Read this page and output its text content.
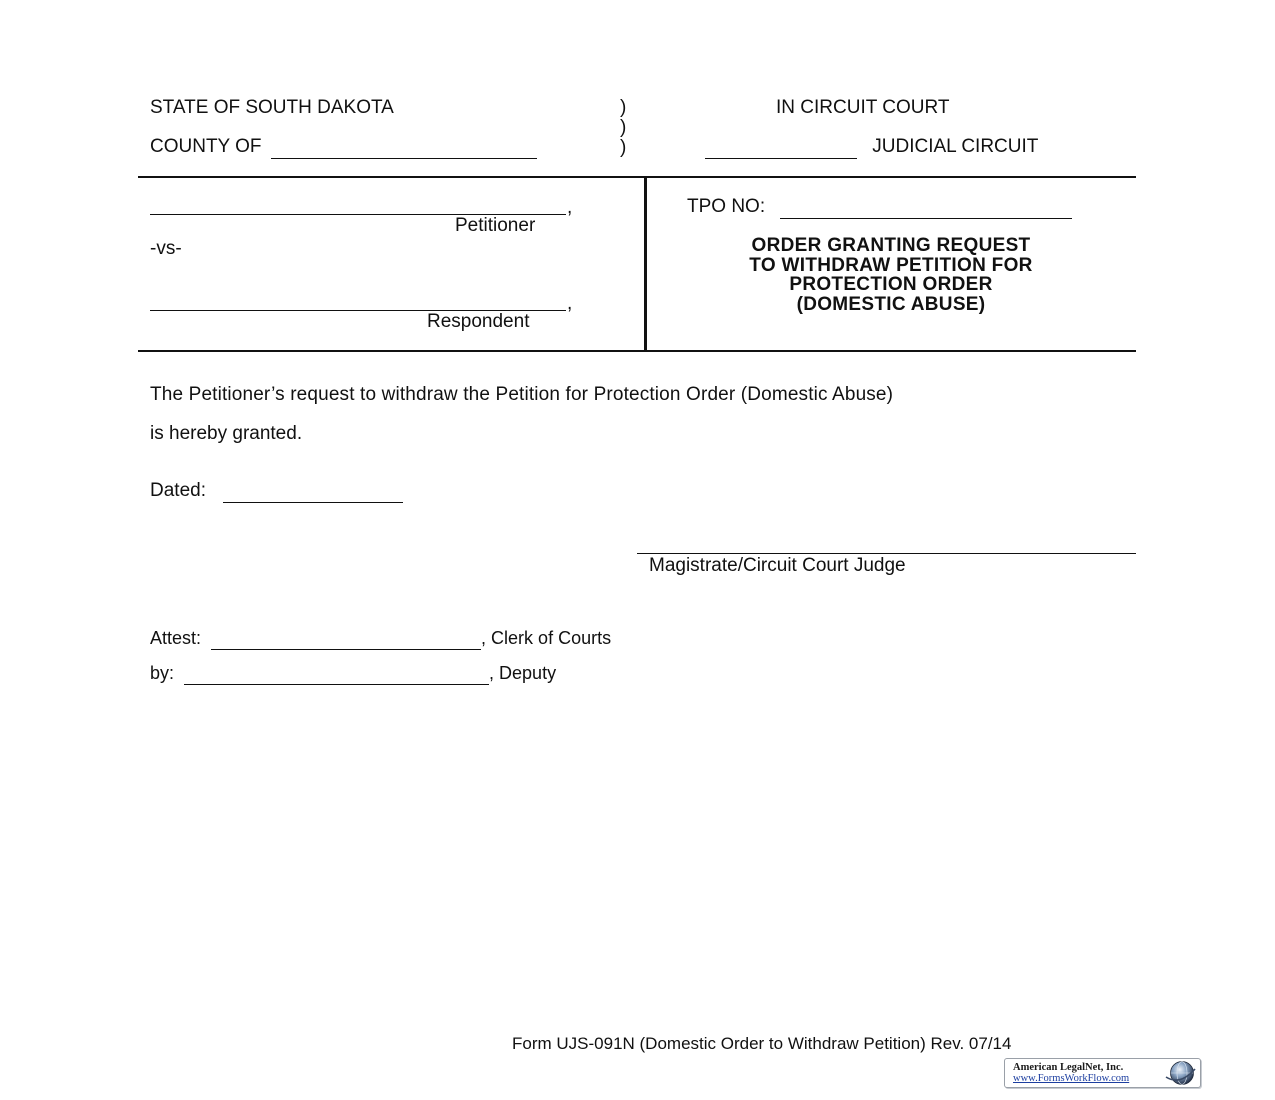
STATE OF SOUTH DAKOTA
COUNTY OF
)
)
)
IN CIRCUIT COURT
JUDICIAL CIRCUIT
,
Petitioner
-vs-
,
Respondent
TPO NO:
ORDER GRANTING REQUEST
TO WITHDRAW PETITION FOR
PROTECTION ORDER
(DOMESTIC ABUSE)
The Petitioner’s request to withdraw the Petition for Protection Order (Domestic Abuse)
is hereby granted.
Dated:
Magistrate/Circuit Court Judge
Attest:	, Clerk of Courts
by:	, Deputy
Form UJS-091N (Domestic Order to Withdraw Petition) Rev. 07/14
American LegalNet, Inc.
www.FormsWorkFlow.com
